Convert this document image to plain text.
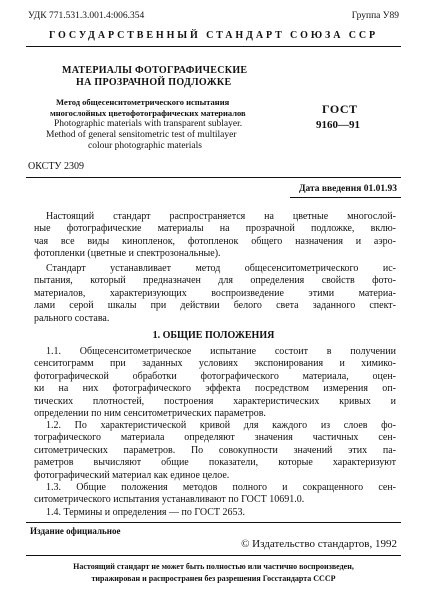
УДК 771.531.3.001.4:006.354	Группа У89
ГОСУДАРСТВЕННЫЙ СТАНДАРТ СОЮЗА ССР
МАТЕРИАЛЫ ФОТОГРАФИЧЕСКИЕ
НА ПРОЗРАЧНОЙ ПОДЛОЖКЕ
Метод общесенситометрического испытания
многослойных цветофотографических материалов
Photographic materials with transparent sublayer.
Method of general sensitometric test of multilayer
colour photographic materials
ГОСТ
9160—91
ОКСТУ 2309
Дата введения 01.01.93
Настоящий стандарт распространяется на цветные многослой-
ные фотографические материалы на прозрачной подложке, вклю-
чая все виды кинопленок, фотопленок общего назначения и аэро-
фотопленки (цветные и спектрозональные).
Стандарт устанавливает метод общесенситометрического ис-
пытания, который предназначен для определения свойств фото-
материалов, характеризующих воспроизведение этими материа-
лами серой шкалы при действии белого света заданного спект-
рального состава.
1. ОБЩИЕ ПОЛОЖЕНИЯ
1.1. Общесенситометрическое испытание состоит в получении
сенситограмм при заданных условиях экспонирования и химико-
фотографической обработки фотографического материала, оцен-
ки на них фотографического эффекта посредством измерения оп-
тических плотностей, построения характеристических кривых и
определении по ним сенситометрических параметров.
1.2. По характеристической кривой для каждого из слоев фо-
тографического материала определяют значения частичных сен-
ситометрических параметров. По совокупности значений этих па-
раметров вычисляют общие показатели, которые характеризуют
фотографический материал как единое целое.
1.3. Общие положения методов полного и сокращенного сен-
ситометрического испытания устанавливают по ГОСТ 10691.0.
1.4. Термины и определения — по ГОСТ 2653.
Издание официальное
© Издательство стандартов, 1992
Настоящий стандарт не может быть полностью или частично воспроизведен,
тиражирован и распространен без разрешения Госстандарта СССР
